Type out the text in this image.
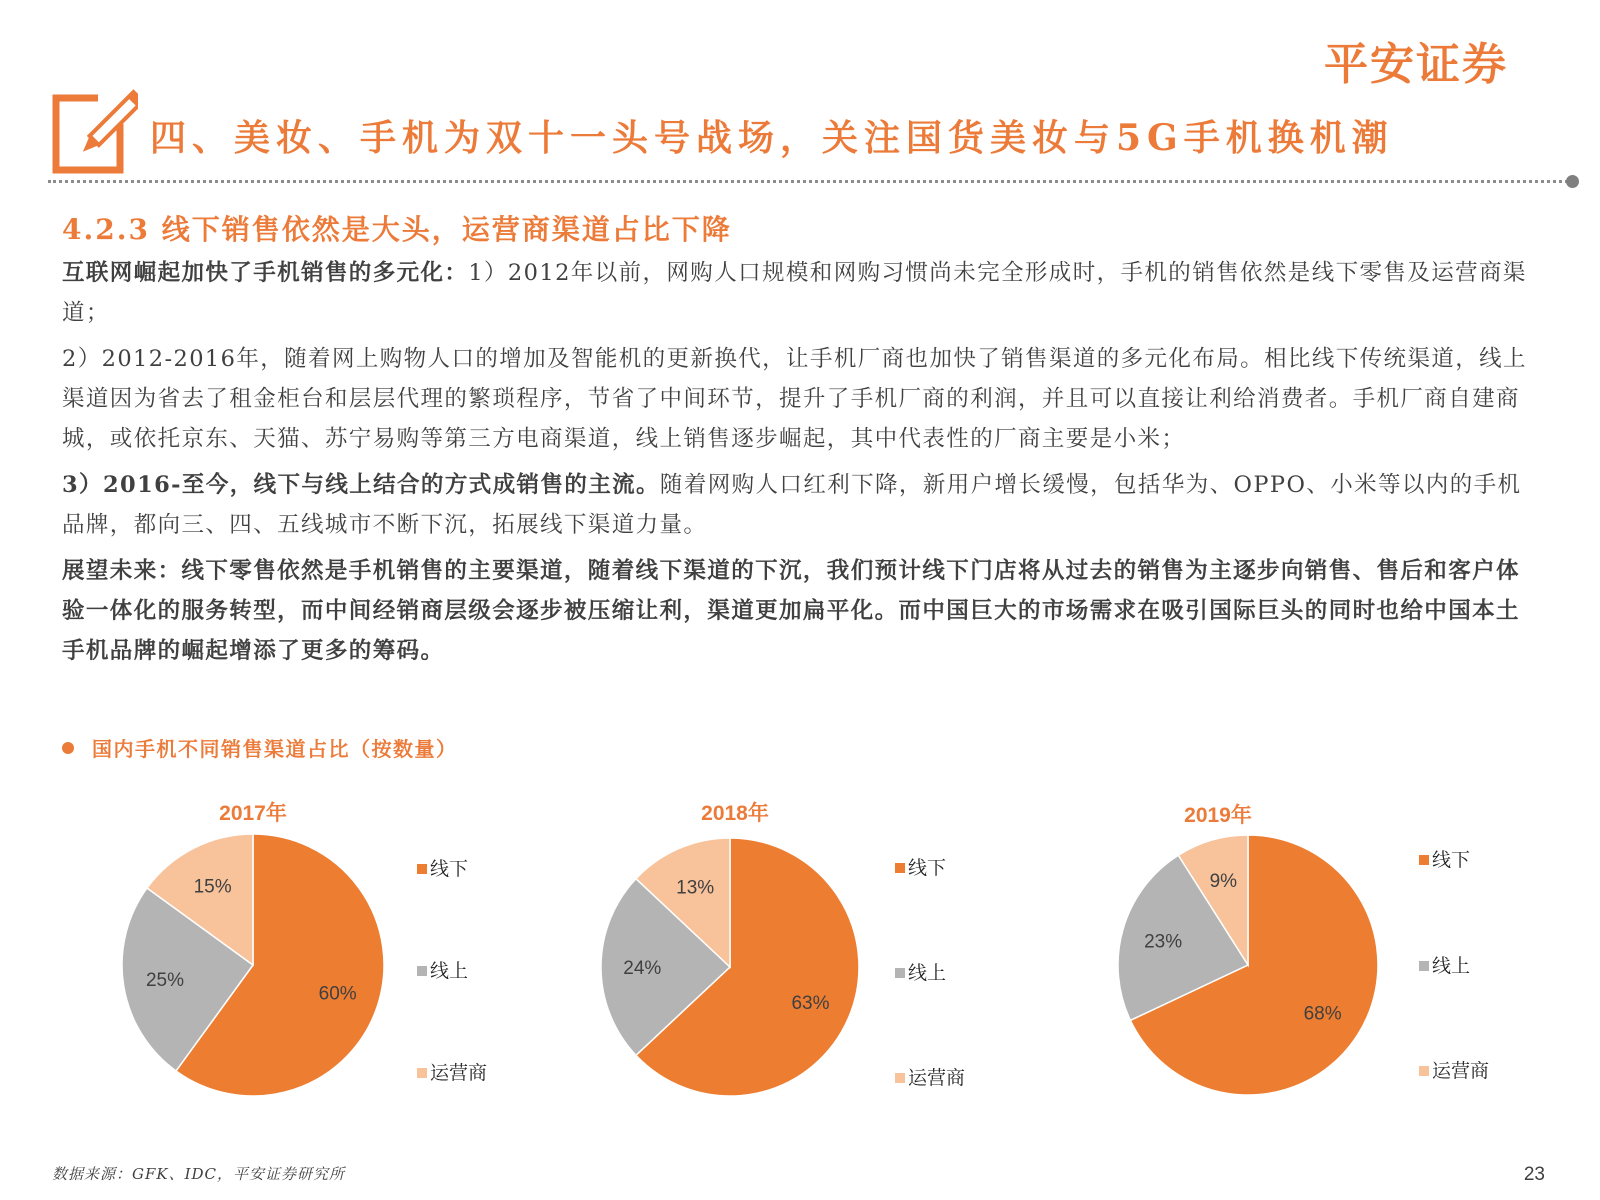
平安证券
四、美妆、手机为双十一头号战场，关注国货美妆与5G手机换机潮
4.2.3 线下销售依然是大头，运营商渠道占比下降

互联网崛起加快了手机销售的多元化：1）2012年以前，网购人口规模和网购习惯尚未完全形成时，手机的销售依然是线下零售及运营商渠道；

2）2012-2016年，随着网上购物人口的增加及智能机的更新换代，让手机厂商也加快了销售渠道的多元化布局。相比线下传统渠道，线上渠道因为省去了租金柜台和层层代理的繁琐程序，节省了中间环节，提升了手机厂商的利润，并且可以直接让利给消费者。手机厂商自建商城，或依托京东、天猫、苏宁易购等第三方电商渠道，线上销售逐步崛起，其中代表性的厂商主要是小米；

3）2016-至今，线下与线上结合的方式成销售的主流。随着网购人口红利下降，新用户增长缓慢，包括华为、OPPO、小米等以内的手机品牌，都向三、四、五线城市不断下沉，拓展线下渠道力量。

展望未来：线下零售依然是手机销售的主要渠道，随着线下渠道的下沉，我们预计线下门店将从过去的销售为主逐步向销售、售后和客户体验一体化的服务转型，而中间经销商层级会逐步被压缩让利，渠道更加扁平化。而中国巨大的市场需求在吸引国际巨头的同时也给中国本土手机品牌的崛起增添了更多的筹码。

国内手机不同销售渠道占比（按数量）
2017年
60%
线下
25%	线上
15%
运营商
2018年
63%
线下
24%	线上
13%
运营商
2019年
68%
线下
23%
线上
9%
运营商
数据来源：GFK、IDC，平安证券研究所	23
